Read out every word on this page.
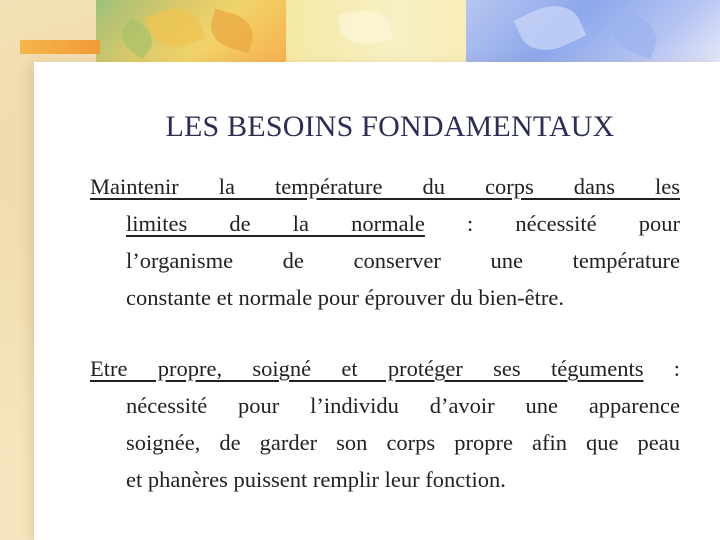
LES BESOINS FONDAMENTAUX
Maintenir la température du corps dans les
limites de la normale : nécessité pour
l’organisme de conserver une température
constante et normale pour éprouver du bien-être.
Etre propre, soigné et protéger ses téguments :
nécessité pour l’individu d’avoir une apparence
soignée, de garder son corps propre afin que peau
et phanères puissent remplir leur fonction.
